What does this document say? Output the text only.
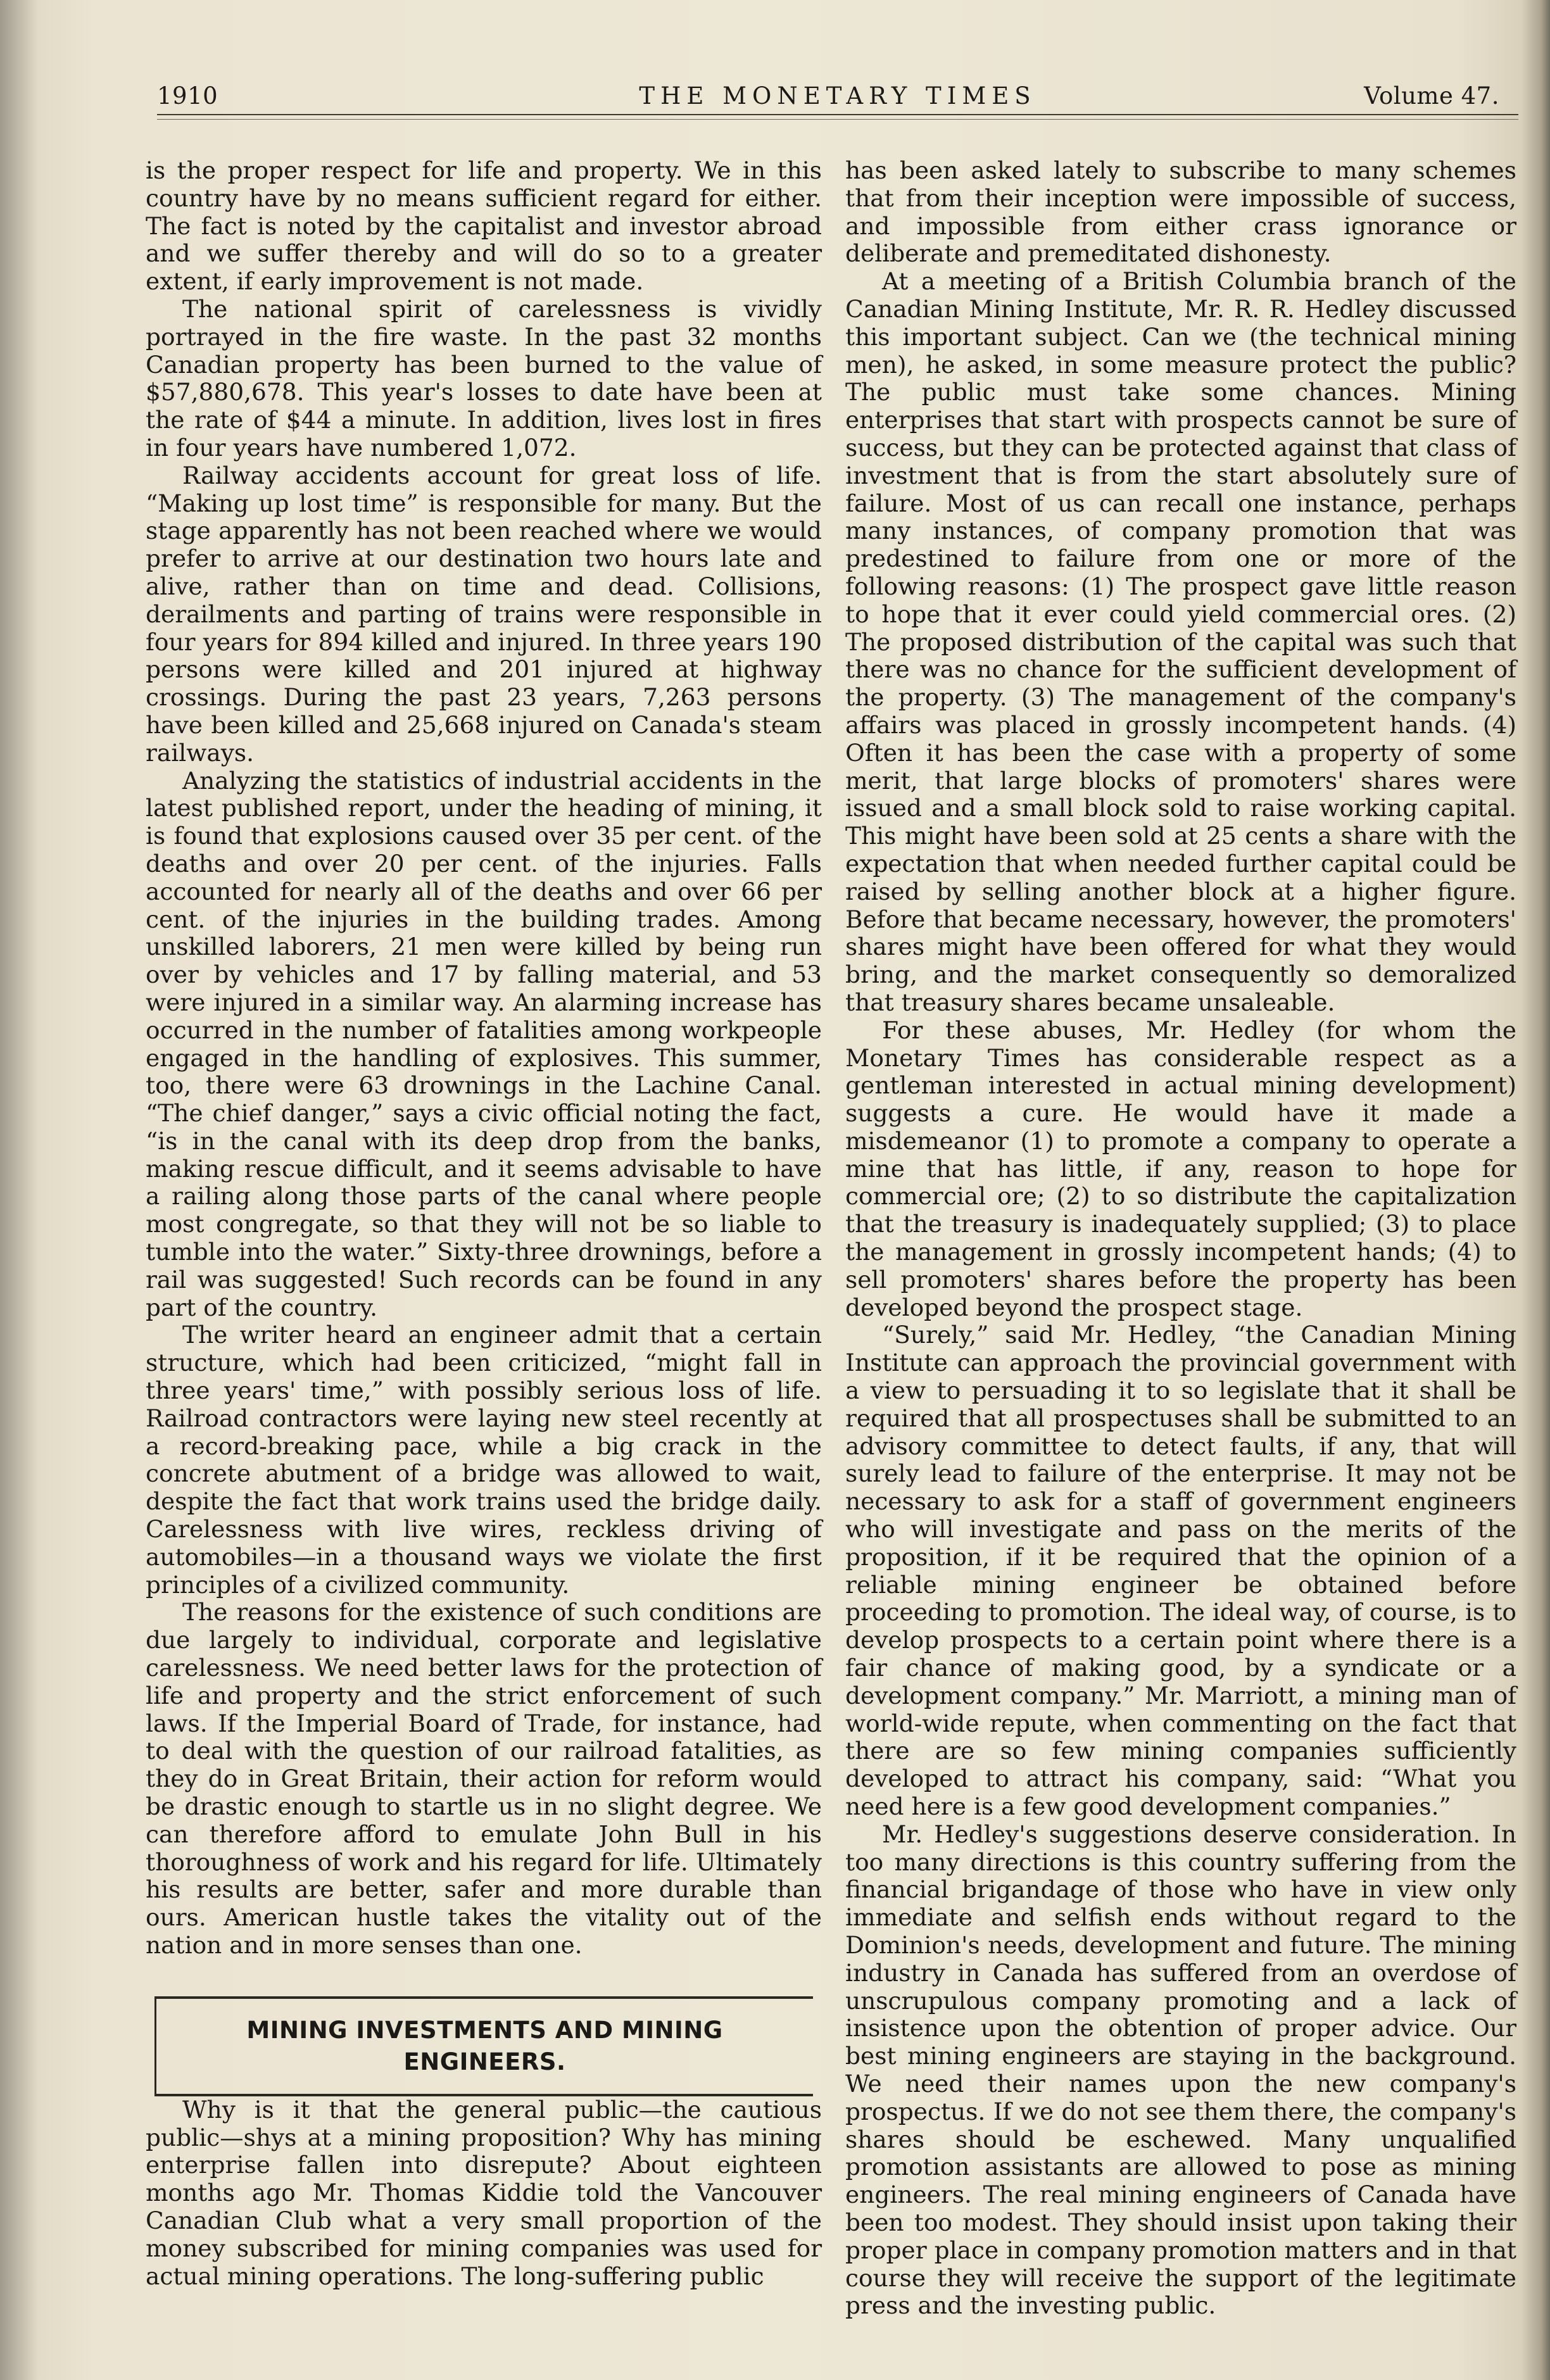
1910	THE MONETARY TIMES	Volume 47.

is the proper respect for life and property. We in this country have by no means sufficient regard for either. The fact is noted by the capitalist and investor abroad and we suffer thereby and will do so to a greater extent, if early improvement is not made.

The national spirit of carelessness is vividly portrayed in the fire waste. In the past 32 months Canadian property has been burned to the value of $57,880,678. This year's losses to date have been at the rate of $44 a minute. In addition, lives lost in fires in four years have numbered 1,072.

Railway accidents account for great loss of life. “Making up lost time” is responsible for many. But the stage apparently has not been reached where we would prefer to arrive at our destination two hours late and alive, rather than on time and dead. Collisions, derailments and parting of trains were responsible in four years for 894 killed and injured. In three years 190 persons were killed and 201 injured at highway crossings. During the past 23 years, 7,263 persons have been killed and 25,668 injured on Canada's steam railways.

Analyzing the statistics of industrial accidents in the latest published report, under the heading of mining, it is found that explosions caused over 35 per cent. of the deaths and over 20 per cent. of the injuries. Falls accounted for nearly all of the deaths and over 66 per cent. of the injuries in the building trades. Among unskilled laborers, 21 men were killed by being run over by vehicles and 17 by falling material, and 53 were injured in a similar way. An alarming increase has occurred in the number of fatalities among workpeople engaged in the handling of explosives. This summer, too, there were 63 drownings in the Lachine Canal. “The chief danger,” says a civic official noting the fact, “is in the canal with its deep drop from the banks, making rescue difficult, and it seems advisable to have a railing along those parts of the canal where people most congregate, so that they will not be so liable to tumble into the water.” Sixty-three drownings, before a rail was suggested! Such records can be found in any part of the country.

The writer heard an engineer admit that a certain structure, which had been criticized, “might fall in three years' time,” with possibly serious loss of life. Railroad contractors were laying new steel recently at a record-breaking pace, while a big crack in the concrete abutment of a bridge was allowed to wait, despite the fact that work trains used the bridge daily. Carelessness with live wires, reckless driving of automobiles—in a thousand ways we violate the first principles of a civilized community.

The reasons for the existence of such conditions are due largely to individual, corporate and legislative carelessness. We need better laws for the protection of life and property and the strict enforcement of such laws. If the Imperial Board of Trade, for instance, had to deal with the question of our railroad fatalities, as they do in Great Britain, their action for reform would be drastic enough to startle us in no slight degree. We can therefore afford to emulate John Bull in his thoroughness of work and his regard for life. Ultimately his results are better, safer and more durable than ours. American hustle takes the vitality out of the nation and in more senses than one.

MINING INVESTMENTS AND MINING ENGINEERS.

Why is it that the general public—the cautious public—shys at a mining proposition? Why has mining enterprise fallen into disrepute? About eighteen months ago Mr. Thomas Kiddie told the Vancouver Canadian Club what a very small proportion of the money subscribed for mining companies was used for actual mining operations. The long-suffering public

has been asked lately to subscribe to many schemes that from their inception were impossible of success, and impossible from either crass ignorance or deliberate and premeditated dishonesty.

At a meeting of a British Columbia branch of the Canadian Mining Institute, Mr. R. R. Hedley discussed this important subject. Can we (the technical mining men), he asked, in some measure protect the public? The public must take some chances. Mining enterprises that start with prospects cannot be sure of success, but they can be protected against that class of investment that is from the start absolutely sure of failure. Most of us can recall one instance, perhaps many instances, of company promotion that was predestined to failure from one or more of the following reasons: (1) The prospect gave little reason to hope that it ever could yield commercial ores. (2) The proposed distribution of the capital was such that there was no chance for the sufficient development of the property. (3) The management of the company's affairs was placed in grossly incompetent hands. (4) Often it has been the case with a property of some merit, that large blocks of promoters' shares were issued and a small block sold to raise working capital. This might have been sold at 25 cents a share with the expectation that when needed further capital could be raised by selling another block at a higher figure. Before that became necessary, however, the promoters' shares might have been offered for what they would bring, and the market consequently so demoralized that treasury shares became unsaleable.

For these abuses, Mr. Hedley (for whom the Monetary Times has considerable respect as a gentleman interested in actual mining development) suggests a cure. He would have it made a misdemeanor (1) to promote a company to operate a mine that has little, if any, reason to hope for commercial ore; (2) to so distribute the capitalization that the treasury is inadequately supplied; (3) to place the management in grossly incompetent hands; (4) to sell promoters' shares before the property has been developed beyond the prospect stage.

“Surely,” said Mr. Hedley, “the Canadian Mining Institute can approach the provincial government with a view to persuading it to so legislate that it shall be required that all prospectuses shall be submitted to an advisory committee to detect faults, if any, that will surely lead to failure of the enterprise. It may not be necessary to ask for a staff of government engineers who will investigate and pass on the merits of the proposition, if it be required that the opinion of a reliable mining engineer be obtained before proceeding to promotion. The ideal way, of course, is to develop prospects to a certain point where there is a fair chance of making good, by a syndicate or a development company.” Mr. Marriott, a mining man of world-wide repute, when commenting on the fact that there are so few mining companies sufficiently developed to attract his company, said: “What you need here is a few good development companies.”

Mr. Hedley's suggestions deserve consideration. In too many directions is this country suffering from the financial brigandage of those who have in view only immediate and selfish ends without regard to the Dominion's needs, development and future. The mining industry in Canada has suffered from an overdose of unscrupulous company promoting and a lack of insistence upon the obtention of proper advice. Our best mining engineers are staying in the background. We need their names upon the new company's prospectus. If we do not see them there, the company's shares should be eschewed. Many unqualified promotion assistants are allowed to pose as mining engineers. The real mining engineers of Canada have been too modest. They should insist upon taking their proper place in company promotion matters and in that course they will receive the support of the legitimate press and the investing public.
